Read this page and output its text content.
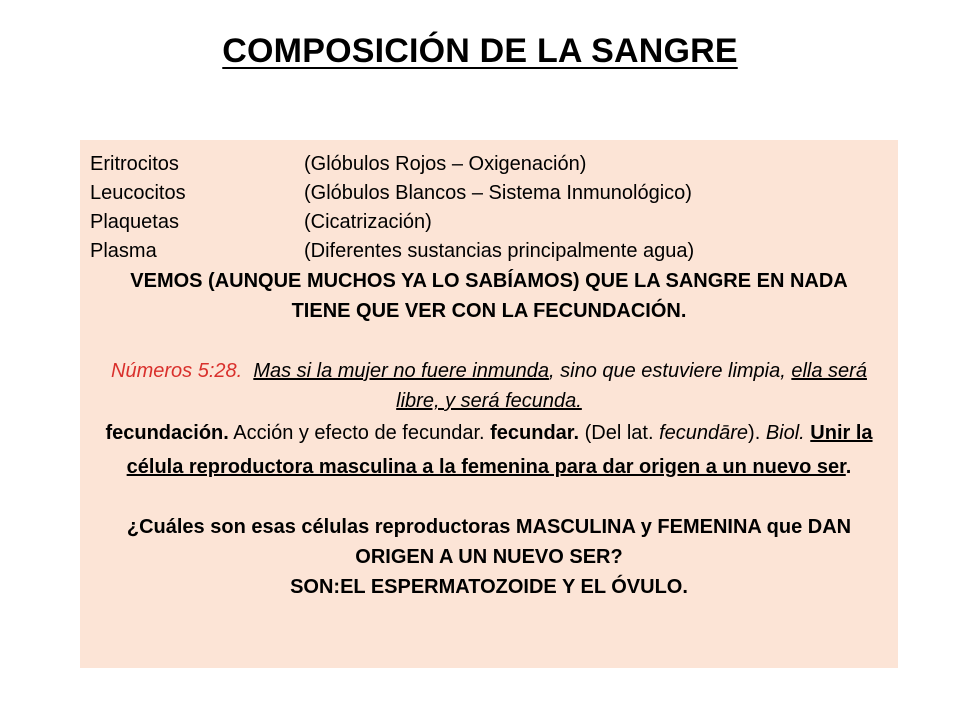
COMPOSICIÓN DE LA SANGRE
Eritrocitos	(Glóbulos Rojos – Oxigenación)
Leucocitos	(Glóbulos Blancos – Sistema Inmunológico)
Plaquetas	(Cicatrización)
Plasma	(Diferentes sustancias principalmente agua)
VEMOS (AUNQUE MUCHOS YA LO SABÍAMOS) QUE LA SANGRE EN NADA TIENE QUE VER CON LA FECUNDACIÓN.
Números 5:28. Mas si la mujer no fuere inmunda, sino que estuviere limpia, ella será libre, y será fecunda.
fecundación. Acción y efecto de fecundar. fecundar. (Del lat. fecundāre). Biol. Unir la célula reproductora masculina a la femenina para dar origen a un nuevo ser.
¿Cuáles son esas células reproductoras MASCULINA y FEMENINA que DAN ORIGEN A UN NUEVO SER?
SON:EL ESPERMATOZOIDE Y EL ÓVULO.
